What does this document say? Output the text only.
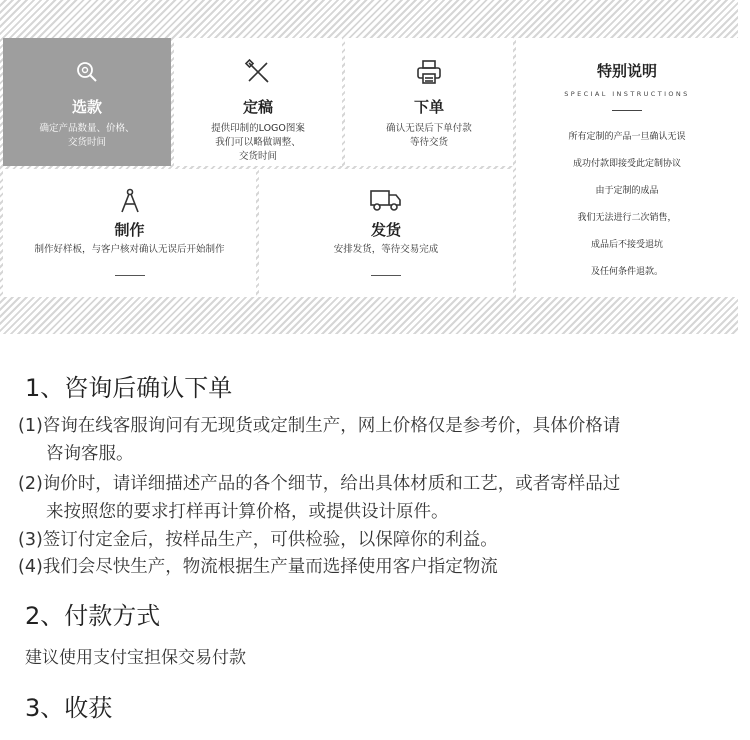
选款
确定产品数量、价格、
交货时间
定稿
提供印制的LOGO图案
我们可以略做调整、
交货时间
下单
确认无误后下单付款
等待交货
制作
制作好样板，与客户核对确认无误后开始制作
发货
安排发货，等待交易完成
特别说明
SPECIAL INSTRUCTIONS
所有定制的产品一旦确认无误
成功付款即接受此定制协议
由于定制的成品
我们无法进行二次销售，
成品后不接受退坑
及任何条件退款。
1、咨询后确认下单
(1)咨询在线客服询问有无现货或定制生产，网上价格仅是参考价，具体价格请
咨询客服。
(2)询价时，请详细描述产品的各个细节，给出具体材质和工艺，或者寄样品过
来按照您的要求打样再计算价格，或提供设计原件。
(3)签订付定金后，按样品生产，可供检验，以保障你的利益。
(4)我们会尽快生产，物流根据生产量而选择使用客户指定物流
2、付款方式
建议使用支付宝担保交易付款
3、收获
